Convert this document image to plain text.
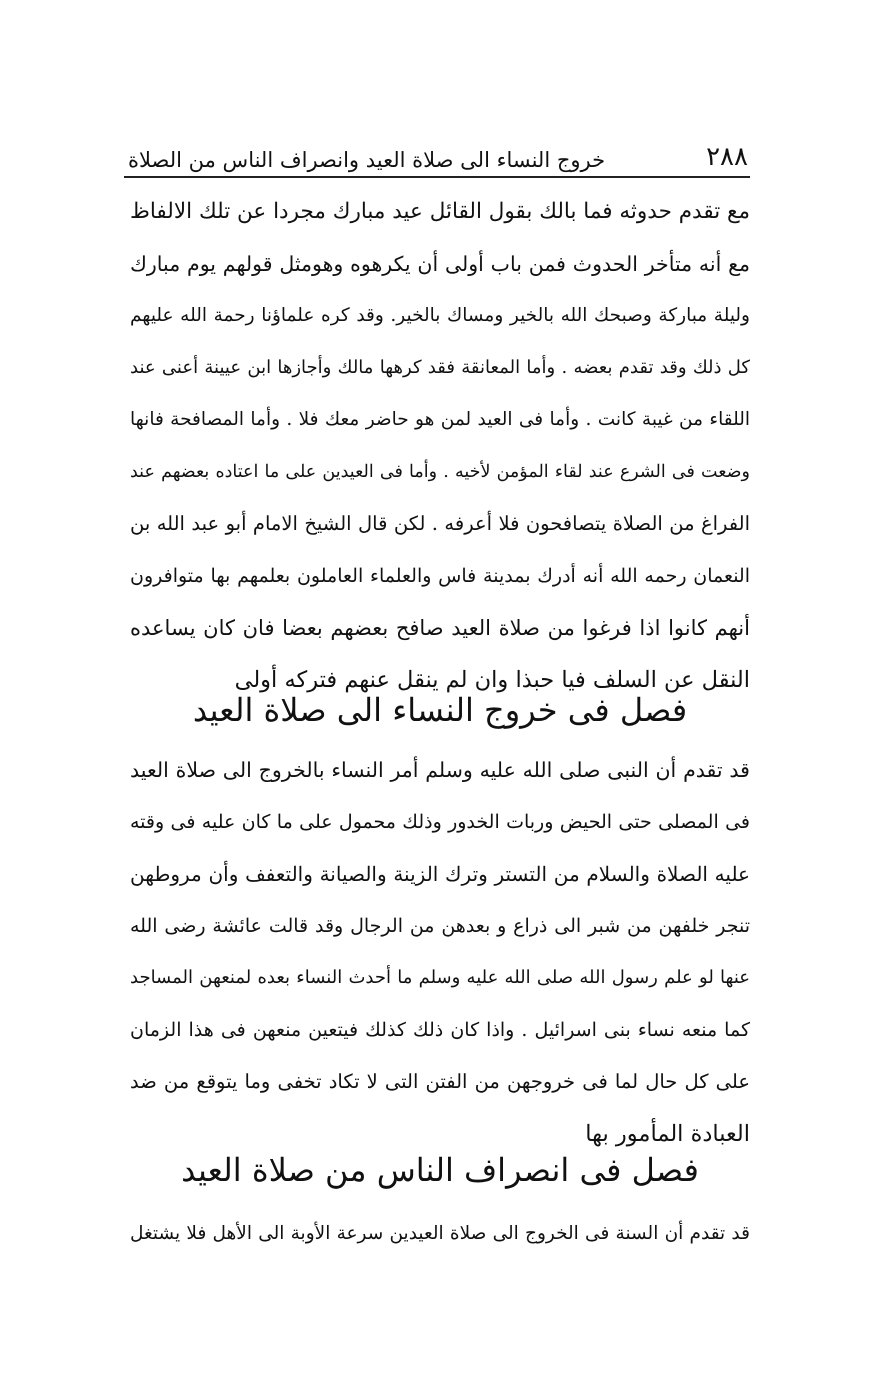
٢٨٨
خروج النساء الى صلاة العيد وانصراف الناس من الصلاة
مع تقدم حدوثه فما بالك بقول القائل عيد مبارك مجردا عن تلك الالفاظ
مع أنه متأخر الحدوث فمن باب أولى أن يكرهوه وهومثل قولهم يوم مبارك
وليلة مباركة وصبحك الله بالخير ومساك بالخير. وقد كره علماؤنا رحمة الله عليهم
كل ذلك وقد تقدم بعضه . وأما المعانقة فقد كرهها مالك وأجازها ابن عيينة أعنى عند
اللقاء من غيبة كانت . وأما فى العيد لمن هو حاضر معك فلا . وأما المصافحة فانها
وضعت فى الشرع عند لقاء المؤمن لأخيه . وأما فى العيدين على ما اعتاده بعضهم عند
الفراغ من الصلاة يتصافحون فلا أعرفه . لكن قال الشيخ الامام أبو عبد الله بن
النعمان رحمه الله أنه أدرك بمدينة فاس والعلماء العاملون بعلمهم بها متوافرون
أنهم كانوا اذا فرغوا من صلاة العيد صافح بعضهم بعضا فان كان يساعده
النقل عن السلف فيا حبذا وان لم ينقل عنهم فتركه أولى
فصل فى خروج النساء الى صلاة العيد
قد تقدم أن النبى صلى الله عليه وسلم أمر النساء بالخروج الى صلاة العيد
فى المصلى حتى الحيض وربات الخدور وذلك محمول على ما كان عليه فى وقته
عليه الصلاة والسلام من التستر وترك الزينة والصيانة والتعفف وأن مروطهن
تنجر خلفهن من شبر الى ذراع و بعدهن من الرجال وقد قالت عائشة رضى الله
عنها لو علم رسول الله صلى الله عليه وسلم ما أحدث النساء بعده لمنعهن المساجد
كما منعه نساء بنى اسرائيل . واذا كان ذلك كذلك فيتعين منعهن فى هذا الزمان
على كل حال لما فى خروجهن من الفتن التى لا تكاد تخفى وما يتوقع من ضد
العبادة المأمور بها
فصل فى انصراف الناس من صلاة العيد
قد تقدم أن السنة فى الخروج الى صلاة العيدين سرعة الأوبة الى الأهل فلا يشتغل
